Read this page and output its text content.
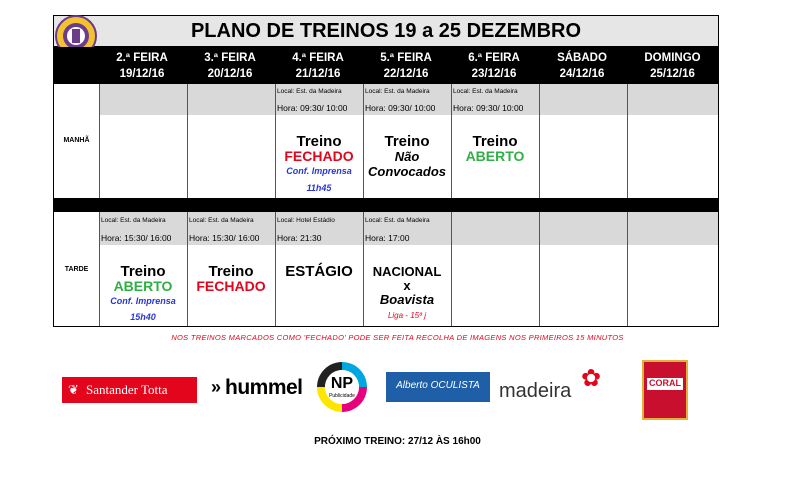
PLANO DE TREINOS 19 a 25 DEZEMBRO
2.ª FEIRA
19/12/16
3.ª FEIRA
20/12/16
4.ª FEIRA
21/12/16
5.ª FEIRA
22/12/16
6.ª FEIRA
23/12/16
SÁBADO
24/12/16
DOMINGO
25/12/16
MANHÃ
Local: Est. da Madeira
Hora: 09:30/ 10:00
Treino
FECHADO
Conf. Imprensa
11h45
Local: Est. da Madeira
Hora: 09:30/ 10:00
Treino
Não
Convocados
Local: Est. da Madeira
Hora: 09:30/ 10:00
Treino
ABERTO
TARDE
Local: Est. da Madeira
Hora: 15:30/ 16:00
Treino
ABERTO
Conf. Imprensa
15h40
Local: Est. da Madeira
Hora: 15:30/ 16:00
Treino
FECHADO
Local: Hotel Estádio
Hora: 21:30
ESTÁGIO
Local: Est. da Madeira
Hora: 17:00
NACIONAL
x
Boavista
Liga - 15ª j
NOS TREINOS MARCADOS COMO 'FECHADO' PODE SER FEITA RECOLHA DE IMAGENS NOS PRIMEIROS 15 MINUTOS
❦ Santander Totta » hummel	NP
Publicidade
Alberto OCULISTA madeira ✿	CORAL
PRÓXIMO TREINO: 27/12 ÀS 16h00
